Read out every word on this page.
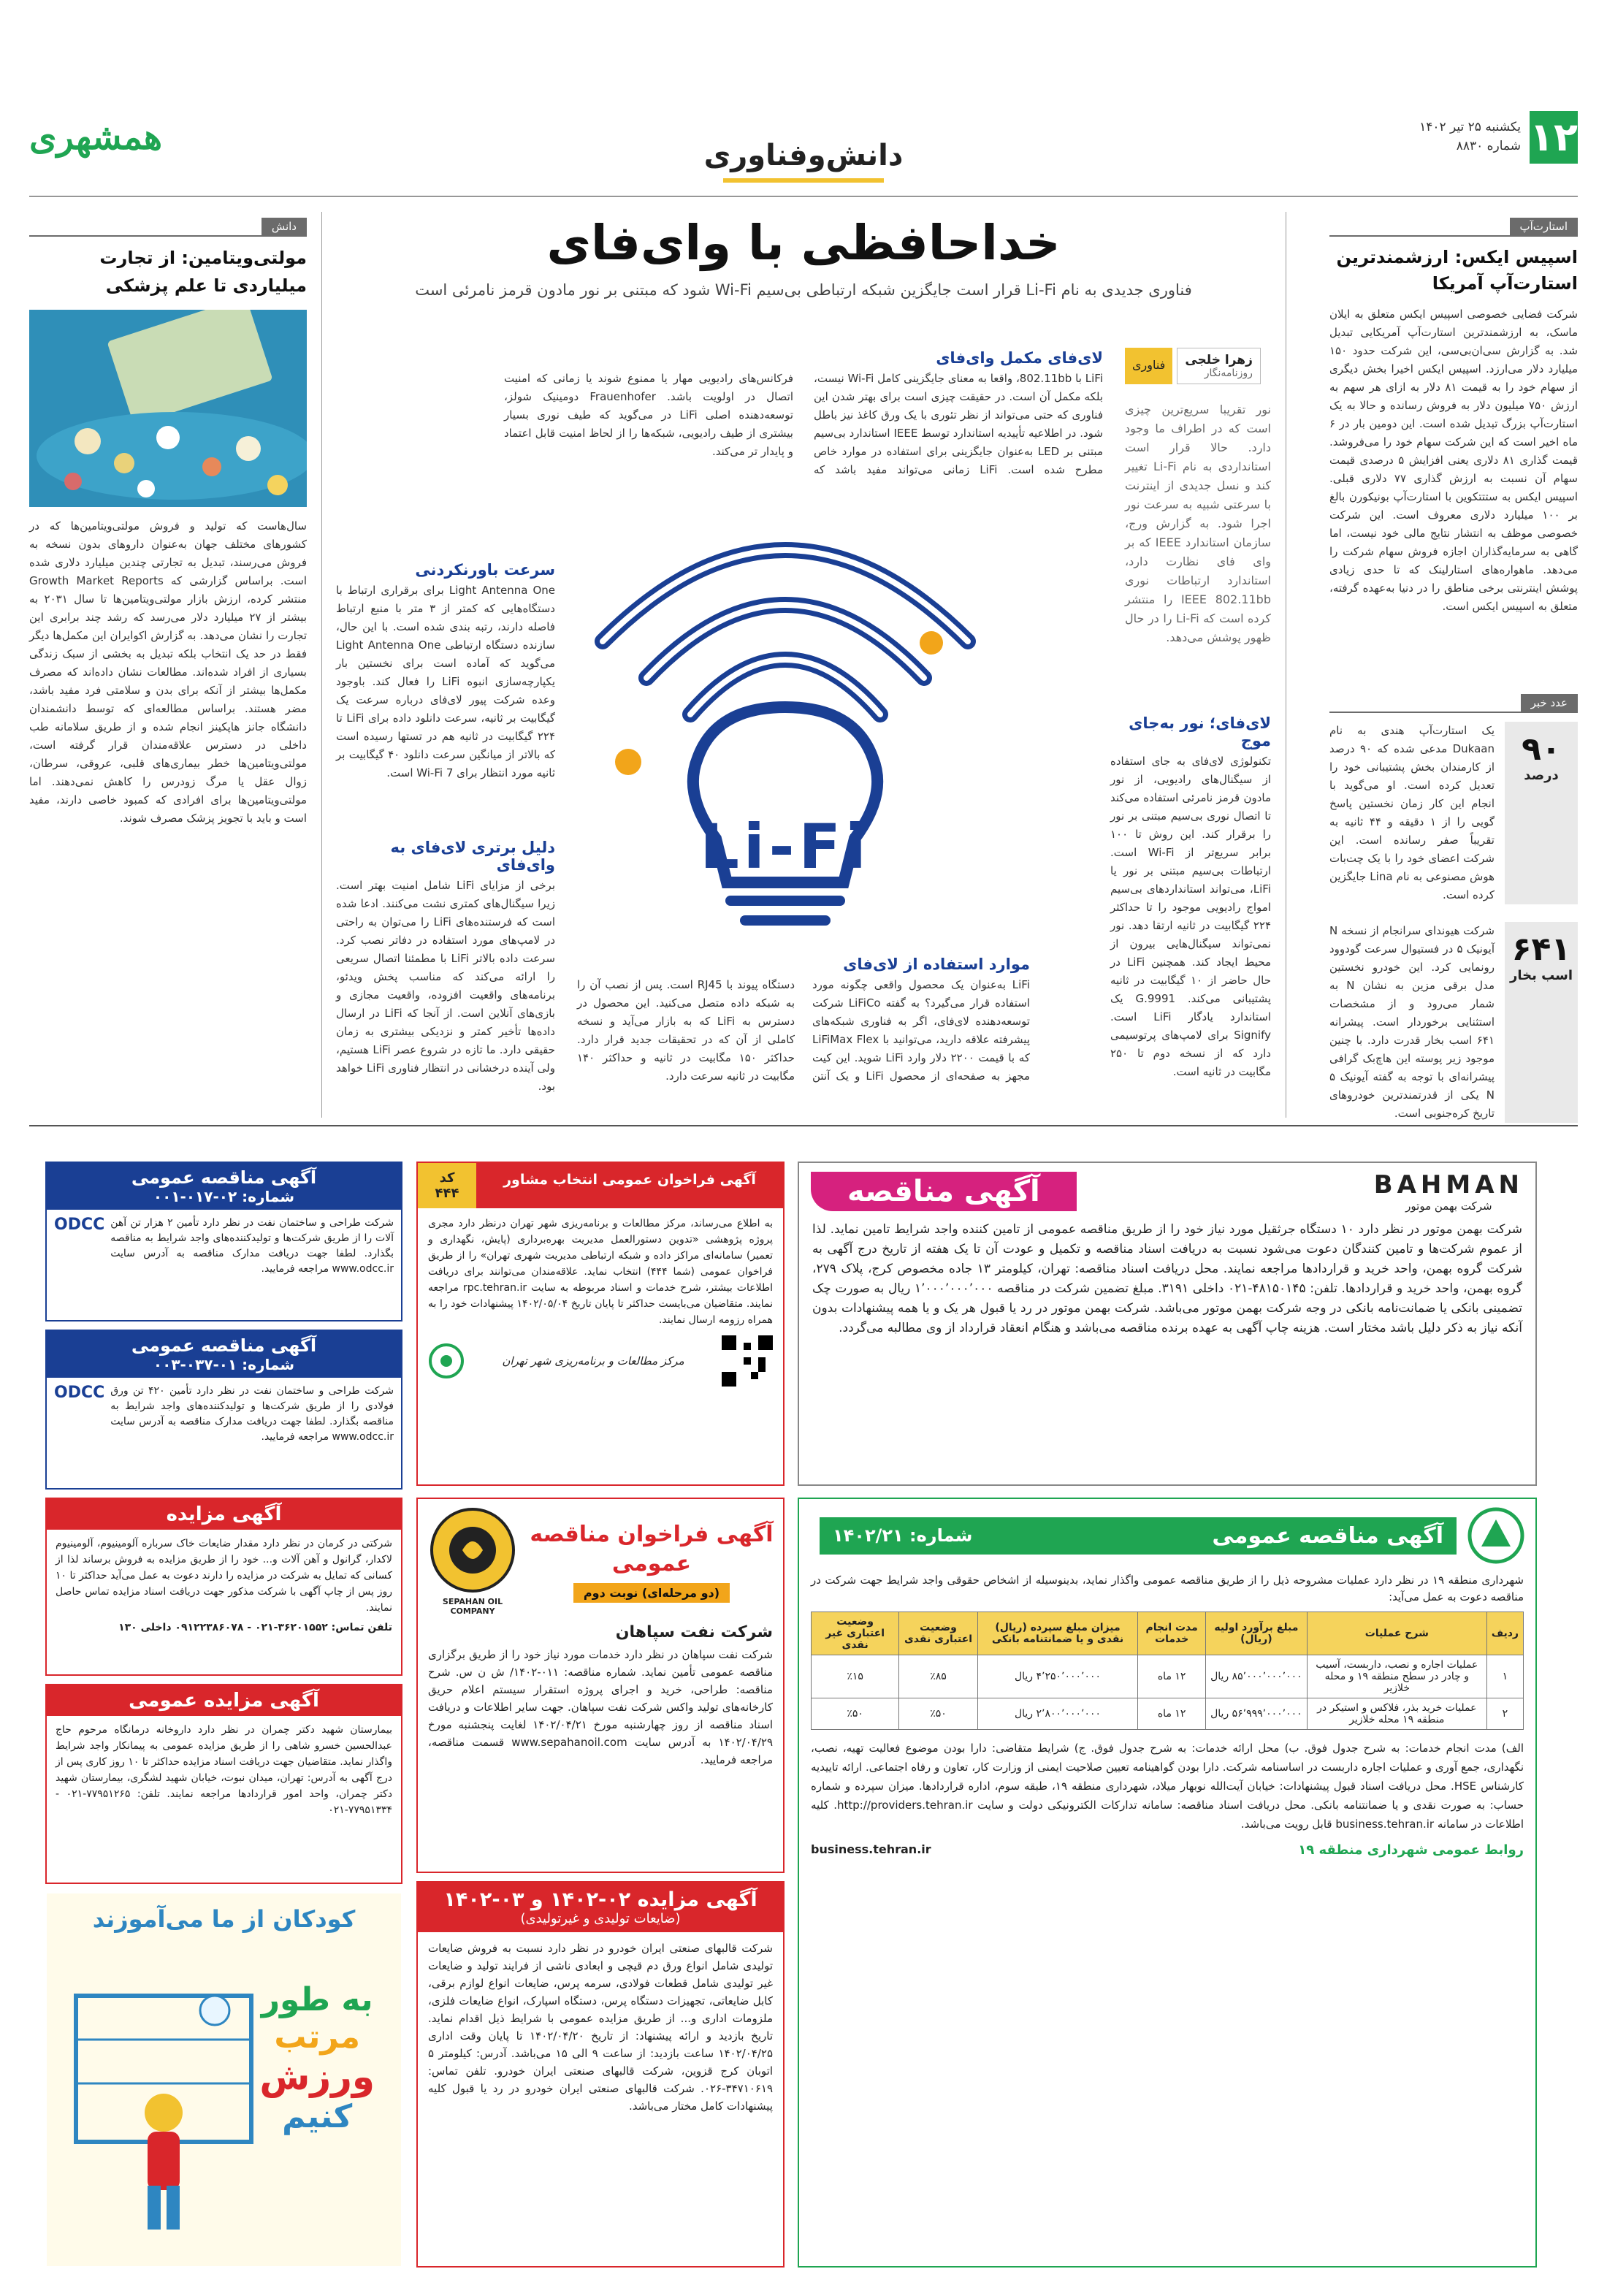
۱۲
یکشنبه ۲۵ تیر ۱۴۰۲
شماره ۸۸۳۰
دانش‌وفناوری
همشهری
استارت‌آپ
اسپیس ایکس: ارزشمندترین استارت‌آپ آمریکا

شرکت فضایی خصوصی اسپیس ایکس متعلق به ایلان ماسک، به ارزشمندترین استارت‌آپ آمریکایی تبدیل شد. به گزارش سی‌ان‌بی‌سی، این شرکت حدود ۱۵۰ میلیارد دلار می‌ارزد. اسپیس ایکس اخیرا بخش دیگری از سهام خود را به قیمت ۸۱ دلار به ازای هر سهم به ارزش ۷۵۰ میلیون دلار به فروش رسانده و حالا به یک استارت‌آپ بزرگ تبدیل شده است. این دومین بار در ۶ ماه اخیر است که این شرکت سهام خود را می‌فروشد. قیمت گذاری ۸۱ دلاری یعنی افزایش ۵ درصدی قیمت سهام آن نسبت به ارزش گذاری ۷۷ دلاری قبلی. اسپیس ایکس به ستتتکوین با استارت‌آپ بونیکورن بالغ بر ۱۰۰ میلیارد دلاری معروف است. این شرکت خصوصی موظف به انتشار نتایج مالی خود نیست، اما گاهی به سرمایه‌گذاران اجازه فروش سهام شرکت را می‌دهد. ماهواره‌های استارلینک که تا حدی زیادی پوشش اینترنتی برخی مناطق را در دنیا به‌عهده گرفته، متعلق به اسپیس ایکس است.

عدد خبر
۹۰
درصد

یک استارت‌آپ هندی به نام Dukaan مدعی شده که ۹۰ درصد از کارمندان بخش پشتیبانی خود را تعدیل کرده است. او می‌گوید با انجام این کار زمان نخستین پاسخ گویی را از ۱ دقیقه و ۴۴ ثانیه به تقریباً صفر رسانده است. این شرکت اعضای خود را با یک چت‌بات هوش مصنوعی به نام Lina جایگزین کرده است.

۶۴۱
اسب بخار

شرکت هیوندای سرانجام از نسخه N آیونیک ۵ در فستیوال سرعت گودوود رونمایی کرد. این خودرو نخستین مدل برقی مزین به نشان N به شمار می‌رود و از مشخصات استثنایی برخوردار است. پیشرانه ۶۴۱ اسب بخار قدرت دارد. با چنین موجود زیر پوسته این هاچ‌بک گرافی پیشرانه‌ای با توجه به گفته آیونیک ۵ N یکی از قدرتمندترین خودروهای تاریخ کره‌جنوبی است.

خداحافظی با وای‌فای

فناوری جدیدی به نام Li-Fi قرار است جایگزین شبکه ارتباطی بی‌سیم Wi-Fi شود که مبتنی بر نور مادون قرمز نامرئی است

زهرا خلجی
روزنامه‌نگار
فناوری

نور تقریبا سریع‌ترین چیزی است که در اطراف ما وجود دارد. حالا قرار است استانداردی به نام Li-Fi تغییر کند و نسل جدیدی از اینترنت با سرعتی شبیه به سرعت نور اجرا شود. به گزارش ورج، سازمان استاندارد IEEE که بر وای فای نظارت دارد، استاندارد ارتباطات نوری IEEE 802.11bb را منتشر کرده است که Li-Fi را در حال ظهور پوشش می‌دهد.

لای‌فای مکمل وای‌فای

LiFi با 802.11bb، واقعا به معنای جایگزینی کامل Wi-Fi نیست، بلکه مکمل آن است. در حقیقت چیزی است برای بهتر شدن این فناوری که حتی می‌تواند از نظر تئوری با یک ورق کاغذ نیز باطل شود. در اطلاعیه تأییدیه استاندارد توسط IEEE استاندارد بی‌سیم مبتنی بر LED به‌عنوان جایگزینی برای استفاده در موارد خاص مطرح شده است. LiFi زمانی می‌تواند مفید باشد که فرکانس‌های رادیویی مهار یا ممنوع شوند یا زمانی که امنیت اتصال در اولویت باشد. Frauenhofer دومینیک شولز، توسعه‌دهنده اصلی LiFi در می‌گوید که طیف نوری بسیار بیشتری از طیف رادیویی، شبکه‌ها را از لحاظ امنیت قابل اعتماد و پایدار تر می‌کند.

Li-Fi
لای‌فای؛ نور به‌جای موج

تکنولوژی لای‌فای به جای استفاده از سیگنال‌های رادیویی، از نور مادون قرمز نامرئی استفاده می‌کند تا اتصال نوری بی‌سیم مبتنی بر نور را برقرار کند. این روش تا ۱۰۰ برابر سریع‌تر از Wi-Fi است. ارتباطات بی‌سیم مبتنی بر نور یا LiFi، می‌تواند استانداردهای بی‌سیم امواج رادیویی موجود را تا حداکثر ۲۲۴ گیگابیت در ثانیه ارتقا دهد. نور نمی‌تواند سیگنال‌هایی بیرون از محیط ایجاد کند. همچنین LiFi در حال حاضر از ۱۰ گیگابیت در ثانیه پشتیبانی می‌کند. G.9991 یک استاندارد یادگار LiFi است. Signify برای لامپ‌های پرتوسیمی دارد که از نسخه دوم تا ۲۵۰ مگابیت در ثانیه است.

سرعت باورنکردنی

Light Antenna One برای برقراری ارتباط با دستگاه‌هایی که کمتر از ۳ متر با منبع ارتباط فاصله دارند، رتبه بندی شده است. با این حال، سازنده دستگاه ارتباطی Light Antenna One می‌گوید که آماده است برای نخستین بار یکپارچه‌سازی انبوه LiFi را فعال کند. باوجود وعده شرکت پیور لای‌فای درباره سرعت یک گیگابیت بر ثانیه، سرعت دانلود داده برای LiFi تا ۲۲۴ گیگابیت در ثانیه هم در تستها رسیده است که بالاتر از میانگین سرعت دانلود ۴۰ گیگابیت بر ثانیه مورد انتظار برای Wi-Fi 7 است.

دلیل برتری لای‌فای به وای‌فای

برخی از مزایای LiFi شامل امنیت بهتر است. زیرا سیگنال‌های کمتری نشت می‌کنند. ادعا شده است که فرستنده‌های LiFi را می‌توان به راحتی در لامپ‌های مورد استفاده در دفاتر نصب کرد. سرعت داده بالاتر LiFi با مطمئنا اتصال سریعی را ارائه می‌کند که مناسب پخش ویدئو، برنامه‌های واقعیت افزوده، واقعیت مجازی و بازی‌های آنلاین است. از آنجا که LiFi در ارسال داده‌ها تأخیر کمتر و نزدیکی بیشتری به زمان حقیقی دارد. ما تازه در شروع عصر LiFi هستیم، ولی آینده درخشانی در انتظار فناوری LiFi خواهد بود.

موارد استفاده از لای‌فای

LiFi به‌عنوان یک محصول واقعی چگونه مورد استفاده قرار می‌گیرد؟ به گفته LiFiCo شرکت توسعه‌دهنده لای‌فای، اگر به فناوری شبکه‌های پیشرفته علاقه دارید، می‌توانید با LiFiMax Flex که با قیمت ۲۲۰۰ دلار وارد LiFi شوید. این کیت مجهز به صفحه‌ای از محصول LiFi و یک آنتن دستگاه پیوند با RJ45 است. پس از نصب آن را به شبکه داده متصل می‌کنید. این محصول در دسترس به LiFi که به بازار می‌آید و نسخه کاملی از آن که در تحقیقات جدید قرار دارد. حداکثر ۱۵۰ مگابیت در ثانیه و حداکثر ۱۴۰ مگابیت در ثانیه سرعت دارد.

دانش
مولتی‌ویتامین: از تجارت میلیاردی تا علم پزشکی

سال‌هاست که تولید و فروش مولتی‌ویتامین‌ها که در کشورهای مختلف جهان به‌عنوان داروهای بدون نسخه به فروش می‌رسند، تبدیل به تجارتی چندین میلیارد دلاری شده است. براساس گزارشی که Growth Market Reports منتشر کرده، ارزش بازار مولتی‌ویتامین‌ها تا سال ۲۰۳۱ به بیشتر از ۲۷ میلیارد دلار می‌رسد که رشد چند برابری این تجارت را نشان می‌دهد. به گزارش اکوایران این مکمل‌ها دیگر فقط در حد یک انتخاب بلکه تبدیل به بخشی از سبک زندگی بسیاری از افراد شده‌اند. مطالعات نشان داده‌اند که مصرف مکمل‌ها بیشتر از آنکه برای بدن و سلامتی فرد مفید باشد، مضر هستند. براساس مطالعه‌ای که توسط دانشمندان دانشگاه جانز هاپکینز انجام شده و از طریق سلامانه طب داخلی در دسترس علاقه‌مندان قرار گرفته است، مولتی‌ویتامین‌ها خطر بیماری‌های قلبی، عروقی، سرطان، زوال عقل یا مرگ زودرس را کاهش نمی‌دهند. اما مولتی‌ویتامین‌ها برای افرادی که کمبود خاصی دارند، مفید است و باید با تجویز پزشک مصرف شوند.

BAHMAN
شرکت بهمن موتور
آگهی مناقصه

شرکت بهمن موتور در نظر دارد ۱۰ دستگاه جرثقیل مورد نیاز خود را از طریق مناقصه عمومی از تامین کننده واجد شرایط تامین نماید. لذا از عموم شرکت‌ها و تامین کنندگان دعوت می‌شود نسبت به دریافت اسناد مناقصه و تکمیل و عودت آن تا یک هفته از تاریخ درج آگهی به شرکت گروه بهمن، واحد خرید و قراردادها مراجعه نمایند. محل دریافت اسناد مناقصه: تهران، کیلومتر ۱۳ جاده مخصوص کرج، پلاک ۲۷۹، گروه بهمن، واحد خرید و قراردادها. تلفن: ۴۸۱۵۰۱۴۵-۰۲۱ داخلی ۳۱۹۱. مبلغ تضمین شرکت در مناقصه ۱٬۰۰۰٬۰۰۰٬۰۰۰ ریال به صورت چک تضمینی بانکی یا ضمانت‌نامه بانکی در وجه شرکت بهمن موتور می‌باشد. شرکت بهمن موتور در رد یا قبول هر یک و یا همه پیشنهادات بدون آنکه نیاز به ذکر دلیل باشد مختار است. هزینه چاپ آگهی به عهده برنده مناقصه می‌باشد و هنگام انعقاد قرارداد از وی مطالبه می‌گردد.

آگهی فراخوان عمومی انتخاب مشاور
کد ۴۴۴

به اطلاع می‌رساند، مرکز مطالعات و برنامه‌ریزی شهر تهران درنظر دارد مجری پروژه پژوهشی «تدوین دستورالعمل مدیریت بهره‌برداری (پایش، نگهداری و تعمیر) سامانه‌ای مراکز داده و شبکه ارتباطی مدیریت شهری تهران» را از طریق فراخوان عمومی (شما ۴۴۴) انتخاب نماید. علاقه‌مندان می‌توانند برای دریافت اطلاعات بیشتر، شرح خدمات و اسناد مربوطه به سایت rpc.tehran.ir مراجعه نمایند. متقاضیان می‌بایست حداکثر تا پایان تاریخ ۱۴۰۲/۰۵/۰۴ پیشنهادات خود را به همراه رزومه ارسال نمایند.

مرکز مطالعات و برنامه‌ریزی شهر تهران
آگهی مناقصه عمومی
شماره: ۰۲-۰۱۷-۰۰۱

شرکت طراحی و ساختمان نفت در نظر دارد تأمین ۲ هزار تن آهن آلات را از طریق شرکت‌ها و تولیدکننده‌های واجد شرایط به مناقصه بگذارد. لطفا جهت دریافت مدارک مناقصه به آدرس سایت www.odcc.ir مراجعه فرمایید.

ODCC
آگهی مناقصه عمومی
شماره: ۰۱-۰۳۷-۰۰۳

شرکت طراحی و ساختمان نفت در نظر دارد تأمین ۴۲۰ تن ورق فولادی را از طریق شرکت‌ها و تولیدکننده‌های واجد شرایط به مناقصه بگذارد. لطفا جهت دریافت مدارک مناقصه به آدرس سایت www.odcc.ir مراجعه فرمایید.

ODCC
آگهی مناقصه عمومی
شماره: ۱۴۰۲/۲۱

شهرداری منطقه ۱۹ در نظر دارد عملیات مشروحه ذیل را از طریق مناقصه عمومی واگذار نماید، بدینوسیله از اشخاص حقوقی واجد شرایط جهت شرکت در مناقصه دعوت به عمل می‌آید:

ردیف	شرح عملیات	مبلغ برآورد اولیه (ریال)	مدت انجام خدمات	میزان مبلغ سپرده (ریال) نقدی و یا ضمانتنامه بانکی	وضعیت اعتباری نقدی	وضعیت اعتباری غیر نقدی
۱	عملیات اجاره و نصب، داربست، آسیب و چادر در سطح منطقه ۱۹ و محله خلازیر	۸۵٬۰۰۰٬۰۰۰٬۰۰۰ ریال	۱۲ ماه	۴٬۲۵۰٬۰۰۰٬۰۰۰ ریال	٪۸۵	٪۱۵
۲	عملیات خرید بذر، فلاکس و استیکر در منطقه ۱۹ محله خلازیر	۵۶٬۹۹۹٬۰۰۰٬۰۰۰ ریال	۱۲ ماه	۲٬۸۰۰٬۰۰۰٬۰۰۰ ریال	٪۵۰	٪۵۰

الف) مدت انجام خدمات: به شرح جدول فوق. ب) محل ارائه خدمات: به شرح جدول فوق. ج) شرایط متقاضی: دارا بودن موضوع فعالیت تهیه، نصب، نگهداری، جمع آوری و عملیات اجاره داربست در اساسنامه شرکت. دارا بودن گواهینامه تعیین صلاحیت ایمنی از وزارت کار، تعاون و رفاه اجتماعی. ارائه تاییدیه کارشناس HSE. محل دریافت اسناد قبول پیشنهادات: خیابان آیت‌الله نوبهار میلاد، شهرداری منطقه ۱۹، طبقه سوم، اداره قراردادها. میزان سپرده و شماره حساب: به صورت نقدی و یا ضمانتنامه بانکی. محل دریافت اسناد مناقصه: سامانه تدارکات الکترونیکی دولت و سایت http://providers.tehran.ir. کلیه اطلاعات در سامانه business.tehran.ir قابل رویت می‌باشد.

روابط عمومی شهرداری منطقه ۱۹
business.tehran.ir
آگهی فراخوان مناقصه عمومی
(دو مرحله‌ای) نوبت دوم
SEPAHAN OIL COMPANY
شرکت نفت سپاهان

شرکت نفت سپاهان در نظر دارد خدمات مورد نیاز خود را از طریق برگزاری مناقصه عمومی تأمین نماید. شماره مناقصه: ۰۱۱-۱۴۰۲/ ش ن س. شرح مناقصه: طراحی، خرید و اجرای پروژه استقرار سیستم اعلام حریق کارخانه‌های تولید واکس شرکت نفت سپاهان. جهت سایر اطلاعات و دریافت اسناد مناقصه از روز چهارشنبه مورخ ۱۴۰۲/۰۴/۲۱ لغایت پنجشنبه مورخ ۱۴۰۲/۰۴/۲۹ به آدرس سایت www.sepahanoil.com قسمت مناقصه، مراجعه فرمایید.

آگهی مزایده ۰۲-۱۴۰۲ و ۰۳-۱۴۰۲
(ضایعات تولیدی و غیرتولیدی)

شرکت قالبهای صنعتی ایران خودرو در نظر دارد نسبت به فروش ضایعات تولیدی شامل انواع ورق دم قیچی و ابعادی ناشی از فرایند تولید و ضایعات غیر تولیدی شامل قطعات فولادی، سرمه پرس، ضایعات انواع لوازم برقی، کابل ضایعاتی، تجهیزات دستگاه پرس، دستگاه اسپارک، انواع ضایعات فلزی، ملزومات اداری و... از طریق مزایده عمومی با شرایط ذیل اقدام نماید. تاریخ بازدید و ارائه پیشنهاد: از تاریخ ۱۴۰۲/۰۴/۲۰ تا پایان وقت اداری ۱۴۰۲/۰۴/۲۵ ساعت بازدید: از ساعت ۹ الی ۱۵ می‌باشد. آدرس: کیلومتر ۵ اتوبان کرج قزوین، شرکت قالبهای صنعتی ایران خودرو. تلفن تماس: ۳۴۷۱۰۶۱۹-۰۲۶. شرکت قالبهای صنعتی ایران خودرو در رد یا قبول کلیه پیشنهادات کامل مختار می‌باشد.

آگهی مزایده

شرکتی در کرمان در نظر دارد مقدار ضایعات خاک سرباره آلومینیوم، آلومینیوم لاکدار، گرانول و آهن آلات و... خود را از طریق مزایده به فروش برساند لذا از کسانی که تمایل به شرکت در مزایده را دارند دعوت به عمل می‌آید حداکثر تا ۱۰ روز پس از چاپ آگهی با شرکت مذکور جهت دریافت اسناد مزایده تماس حاصل نمایند.

تلفن تماس: ۳۶۲۰۱۵۵۲-۰۲۱ - ۰۹۱۲۲۳۸۶۰۷۸ داخلی ۱۳۰
آگهی مزایده عمومی

بیمارستان شهید دکتر چمران در نظر دارد داروخانه درمانگاه مرحوم حاج عبدالحسین خسرو شاهی را از طریق مزایده عمومی به پیمانکار واجد شرایط واگذار نماید. متقاضیان جهت دریافت اسناد مزایده حداکثر تا ۱۰ روز کاری پس از درج آگهی به آدرس: تهران، میدان نبوت، خیابان شهید لشگری، بیمارستان شهید دکتر چمران، واحد امور قراردادها مراجعه نمایند. تلفن: ۷۷۹۵۱۲۶۵-۰۲۱ - ۷۷۹۵۱۳۳۴-۰۲۱

کودکان از ما می‌آموزند
به طور
مرتب
ورزش
کنیم
